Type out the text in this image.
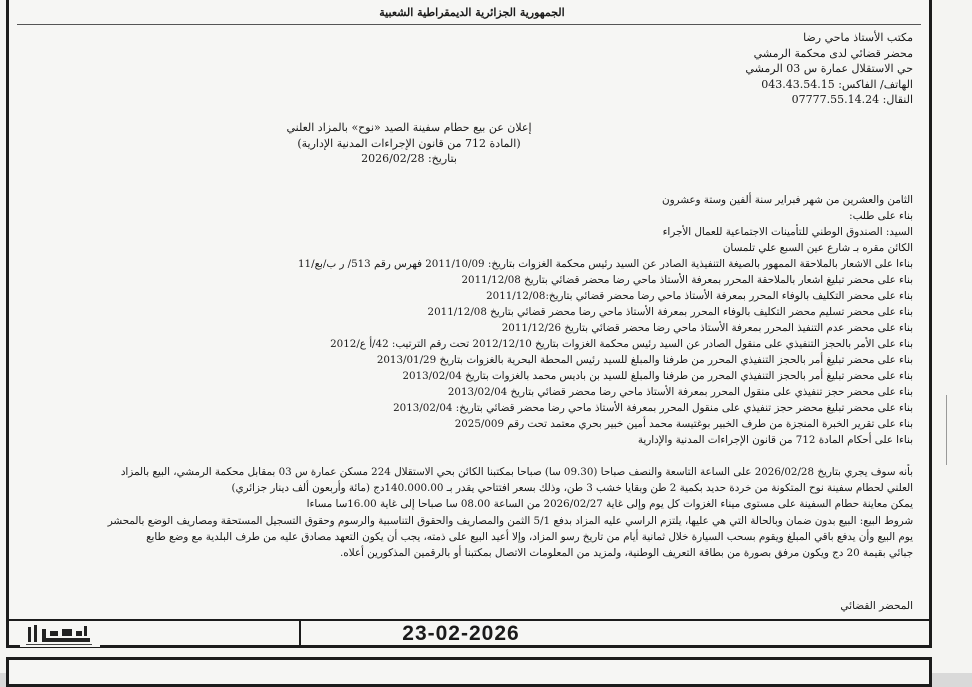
الجمهورية الجزائرية الديمقراطية الشعبية
مكتب الأستاذ ماحي رضا
محضر قضائي لدى محكمة الرمشي
حي الاستقلال عمارة س 03 الرمشي
الهاتف/ الفاكس: 043.43.54.15
النقال: 07777.55.14.24
إعلان عن بيع حطام سفينة الصيد «نوح» بالمزاد العلني
(المادة 712 من قانون الإجراءات المدنية الإدارية)
بتاريخ: 2026/02/28
الثامن والعشرين من شهر فبراير سنة ألفين وستة وعشرون
بناء على طلب:
السيد: الصندوق الوطني للتأمينات الاجتماعية للعمال الأجراء
الكائن مقره بـ شارع عين السبع علي تلمسان
بناءا على الاشعار بالملاحقة الممهور بالصيغة التنفيذية الصادر عن السيد رئيس محكمة الغزوات بتاريخ: 2011/10/09 فهرس رقم 513/ ر ب/بع/11
بناء على محضر تبليغ اشعار بالملاحقة المحرر بمعرفة الأستاذ ماحي رضا محضر قضائي بتاريخ 2011/12/08
بناء على محضر التكليف بالوفاء المحرر بمعرفة الأستاذ ماحي رضا محضر قضائي بتاريخ:2011/12/08
بناء على محضر تسليم محضر التكليف بالوفاء المحرر بمعرفة الأستاذ ماحي رضا محضر قضائي بتاريخ 2011/12/08
بناء على محضر عدم التنفيذ المحرر بمعرفة الأستاذ ماحي رضا محضر قضائي بتاريخ 2011/12/26
بناء على الأمر بالحجز التنفيذي على منقول الصادر عن السيد رئيس محكمة الغزوات بتاريخ 2012/12/10 تحت رقم الترتيب: 42/أ ع/2012
بناء على محضر تبليغ أمر بالحجز التنفيذي المحرر من طرفنا والمبلغ للسيد رئيس المحطة البحرية بالغزوات بتاريخ 2013/01/29
بناء على محضر تبليغ أمر بالحجز التنفيذي المحرر من طرفنا والمبلغ للسيد بن باديس محمد بالغزوات بتاريخ 2013/02/04
بناء على محضر حجز تنفيذي على منقول المحرر بمعرفة الأستاذ ماحي رضا محضر قضائي بتاريخ 2013/02/04
بناء على محضر تبليغ محضر حجز تنفيذي على منقول المحرر بمعرفة الأستاذ ماحي رضا محضر قضائي بتاريخ: 2013/02/04
بناء على تقرير الخبرة المنجزة من طرف الخبير بوغتيسة محمد أمين خبير بحري معتمد تحت رقم 2025/009
بناءا على أحكام المادة 712 من قانون الإجراءات المدنية والإدارية
بأنه سوف يجري بتاريخ 2026/02/28 على الساعة التاسعة والنصف صباحا (09.30 سا) صباحا بمكتبنا الكائن بحي الاستقلال 224 مسكن عمارة س 03 بمقابل محكمة الرمشي، البيع بالمزاد
العلني لحطام سفينة نوح المتكونة من خردة حديد بكمية 2 طن وبقايا خشب 3 طن، وذلك بسعر افتتاحي يقدر بـ 140.000.00دج (مائة وأربعون ألف دينار جزائري)
يمكن معاينة حطام السفينة على مستوى ميناء الغزوات كل يوم وإلى غاية 2026/02/27 من الساعة 08.00 سا صباحا إلى غاية 16.00سا مساءا
شروط البيع: البيع بدون ضمان وبالحالة التي هي عليها، يلتزم الراسي عليه المزاد بدفع 5/1 الثمن والمصاريف والحقوق التناسبية والرسوم وحقوق التسجيل المستحقة ومصاريف الوضع بالمحشر
يوم البيع وأن يدفع باقي المبلغ ويقوم بسحب السيارة خلال ثمانية أيام من تاريخ رسو المزاد، وإلا أعيد البيع على ذمته، يجب أن يكون التعهد مصادق عليه من طرف البلدية مع وضع طابع
جبائي بقيمة 20 دج ويكون مرفق بصورة من بطاقة التعريف الوطنية، ولمزيد من المعلومات الاتصال بمكتبنا أو بالرقمين المذكورين أعلاه.
المحضر القضائي
23-02-2026
